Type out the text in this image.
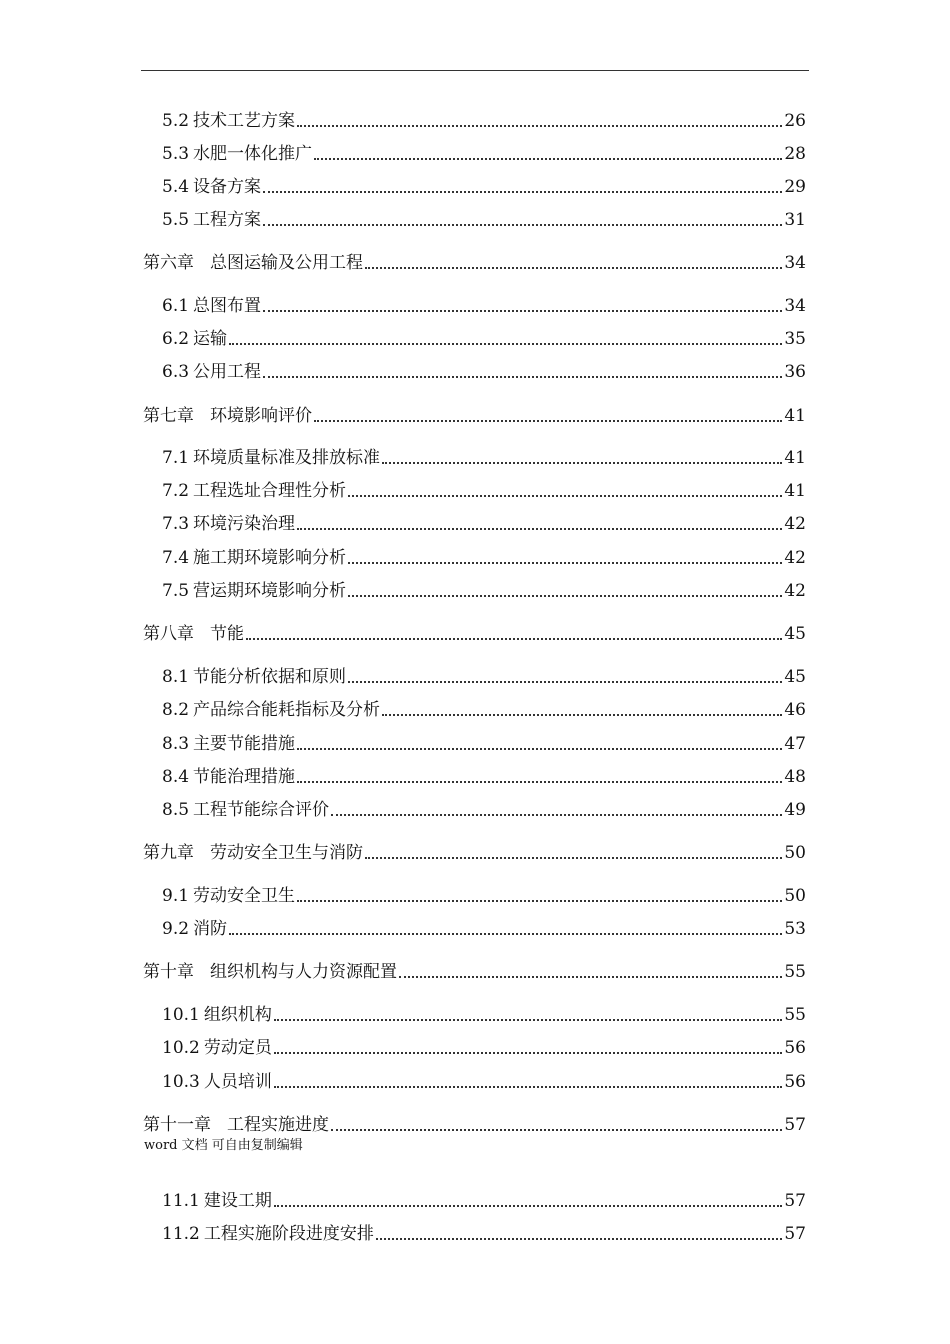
5.2 技术工艺方案	26
5.3 水肥一体化推广	28
5.4 设备方案	29
5.5 工程方案	31
第六章 总图运输及公用工程	34
6.1 总图布置	34
6.2 运输	35
6.3 公用工程	36
第七章 环境影响评价	41
7.1 环境质量标准及排放标准	41
7.2 工程选址合理性分析	41
7.3 环境污染治理	42
7.4 施工期环境影响分析	42
7.5 营运期环境影响分析	42
第八章 节能	45
8.1 节能分析依据和原则	45
8.2 产品综合能耗指标及分析	46
8.3 主要节能措施	47
8.4 节能治理措施	48
8.5 工程节能综合评价	49
第九章 劳动安全卫生与消防	50
9.1 劳动安全卫生	50
9.2 消防	53
第十章 组织机构与人力资源配置	55
10.1 组织机构	55
10.2 劳动定员	56
10.3 人员培训	56
第十一章 工程实施进度	57
11.1 建设工期	57
11.2 工程实施阶段进度安排	57
word 文档 可自由复制编辑
